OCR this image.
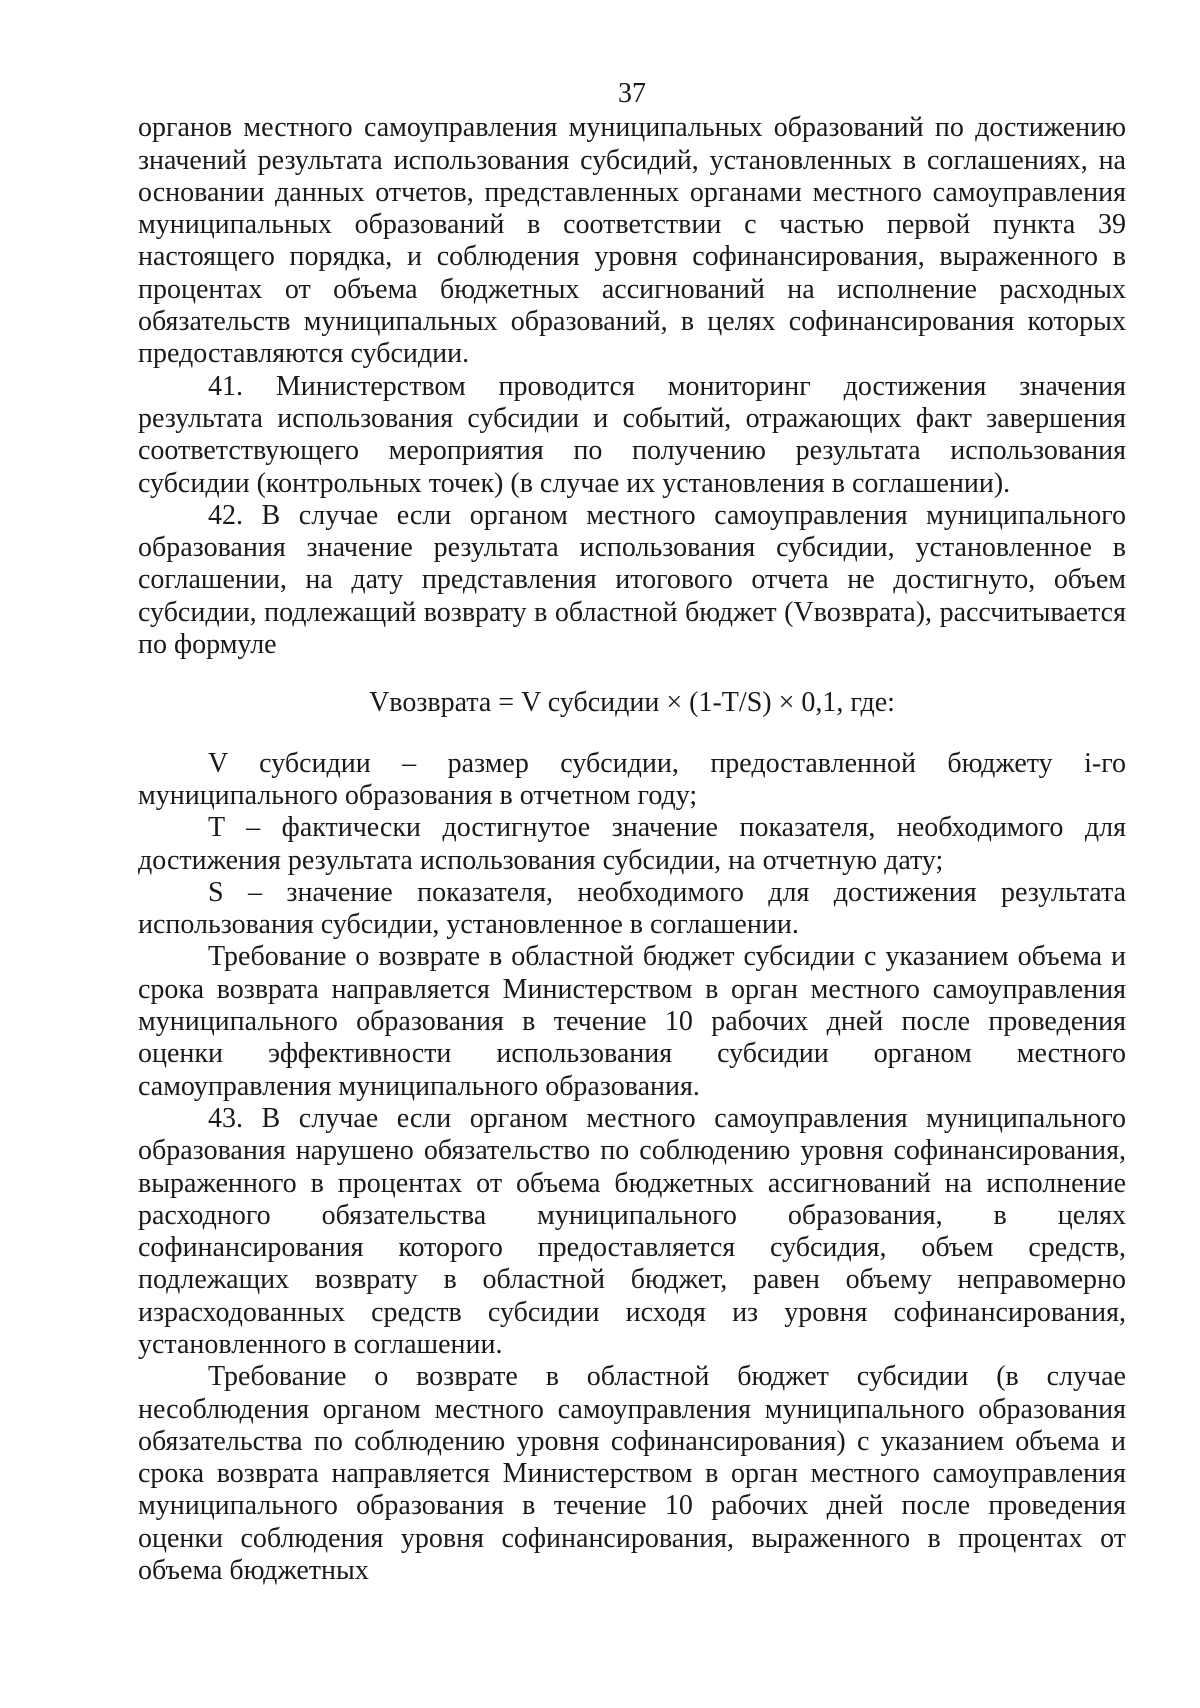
37

органов местного самоуправления муниципальных образований по достижению значений результата использования субсидий, установленных в соглашениях, на основании данных отчетов, представленных органами местного самоуправления муниципальных образований в соответствии с частью первой пункта 39 настоящего порядка, и соблюдения уровня софинансирования, выраженного в процентах от объема бюджетных ассигнований на исполнение расходных обязательств муниципальных образований, в целях софинансирования которых предоставляются субсидии.

41. Министерством проводится мониторинг достижения значения результата использования субсидии и событий, отражающих факт завершения соответствующего мероприятия по получению результата использования субсидии (контрольных точек) (в случае их установления в соглашении).

42. В случае если органом местного самоуправления муниципального образования значение результата использования субсидии, установленное в соглашении, на дату представления итогового отчета не достигнуто, объем субсидии, подлежащий возврату в областной бюджет (Vвозврата), рассчитывается по формуле

Vвозврата = V субсидии × (1-T/S) × 0,1, где:

V субсидии – размер субсидии, предоставленной бюджету i-го муниципального образования в отчетном году;

T – фактически достигнутое значение показателя, необходимого для достижения результата использования субсидии, на отчетную дату;

S – значение показателя, необходимого для достижения результата использования субсидии, установленное в соглашении.

Требование о возврате в областной бюджет субсидии с указанием объема и срока возврата направляется Министерством в орган местного самоуправления муниципального образования в течение 10 рабочих дней после проведения оценки эффективности использования субсидии органом местного самоуправления муниципального образования.

43. В случае если органом местного самоуправления муниципального образования нарушено обязательство по соблюдению уровня софинансирования, выраженного в процентах от объема бюджетных ассигнований на исполнение расходного обязательства муниципального образования, в целях софинансирования которого предоставляется субсидия, объем средств, подлежащих возврату в областной бюджет, равен объему неправомерно израсходованных средств субсидии исходя из уровня софинансирования, установленного в соглашении.

Требование о возврате в областной бюджет субсидии (в случае несоблюдения органом местного самоуправления муниципального образования обязательства по соблюдению уровня софинансирования) с указанием объема и срока возврата направляется Министерством в орган местного самоуправления муниципального образования в течение 10 рабочих дней после проведения оценки соблюдения уровня софинансирования, выраженного в процентах от объема бюджетных
